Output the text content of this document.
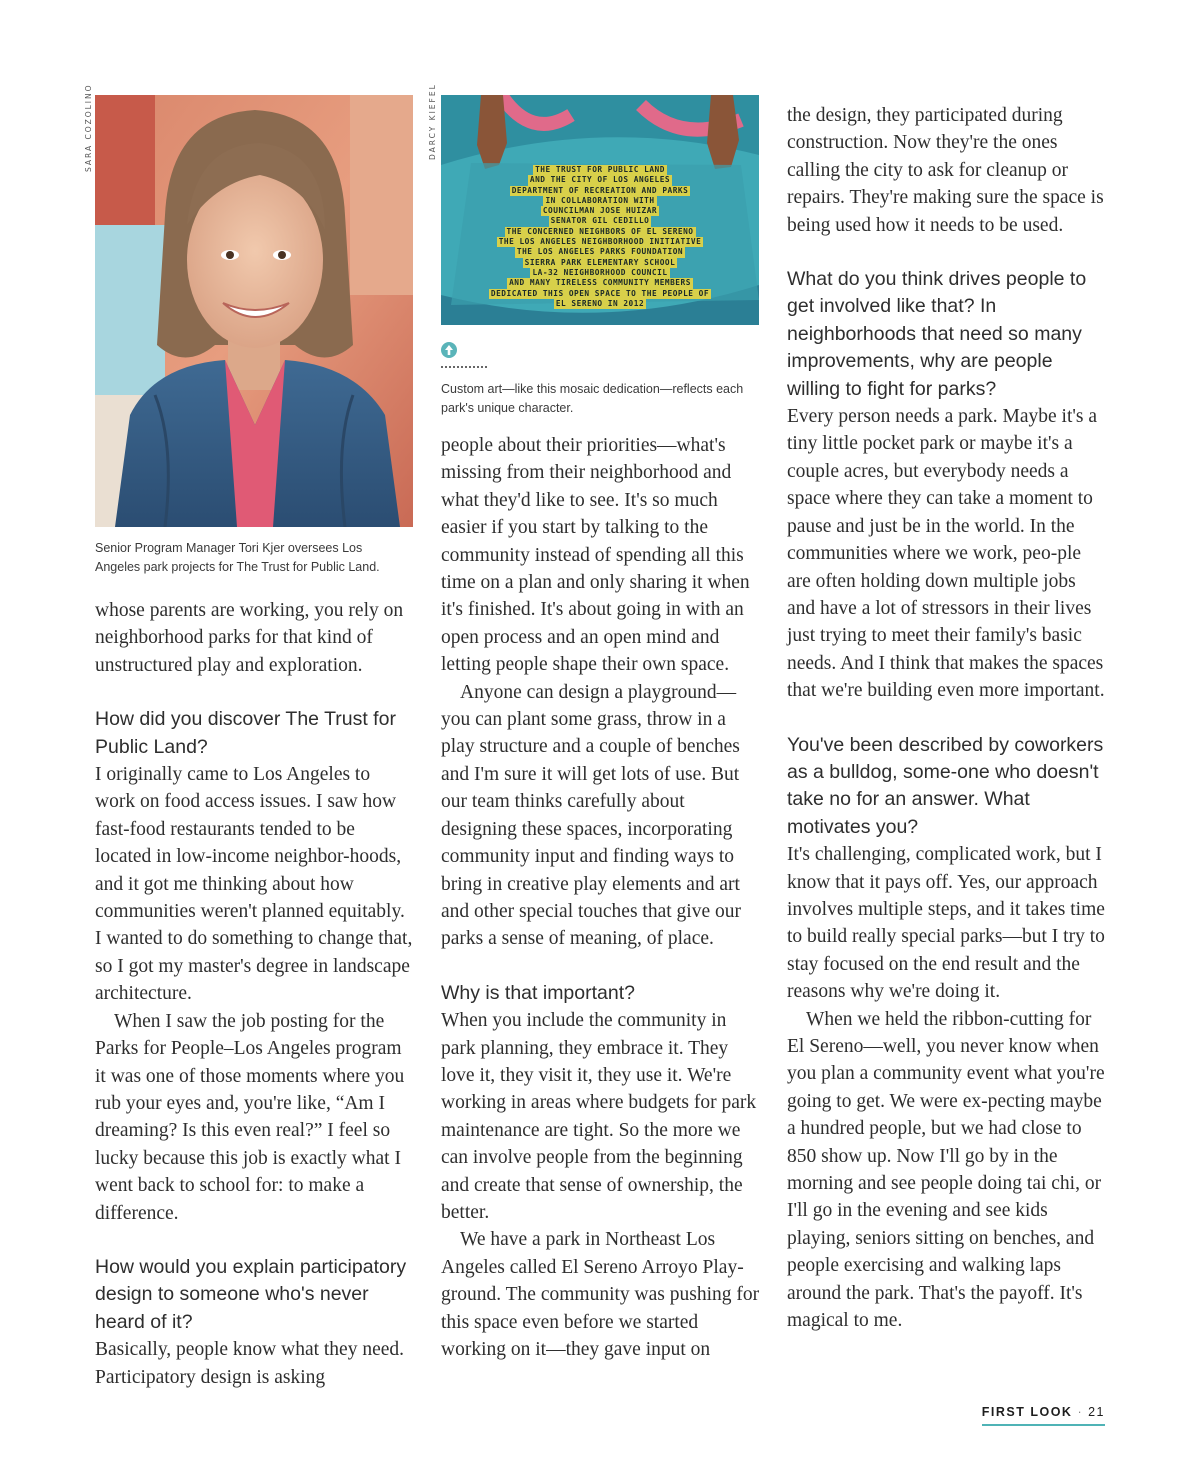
SARA COZOLINO	DARCY KIEFEL
THE TRUST FOR PUBLIC LAND
AND THE CITY OF LOS ANGELES
DEPARTMENT OF RECREATION AND PARKS
IN COLLABORATION WITH
COUNCILMAN JOSE HUIZAR
SENATOR GIL CEDILLO
THE CONCERNED NEIGHBORS OF EL SERENO
THE LOS ANGELES NEIGHBORHOOD INITIATIVE
THE LOS ANGELES PARKS FOUNDATION
SIERRA PARK ELEMENTARY SCHOOL
LA-32 NEIGHBORHOOD COUNCIL
AND MANY TIRELESS COMMUNITY MEMBERS
DEDICATED THIS OPEN SPACE TO THE PEOPLE OF
EL SERENO IN 2012
Senior Program Manager Tori Kjer oversees Los Angeles park projects for The Trust for Public Land.
Custom art—like this mosaic dedication—reflects each park's unique character.

whose parents are working, you rely on neighborhood parks for that kind of unstructured play and exploration.

How did you discover The Trust for Public Land?

I originally came to Los Angeles to work on food access issues. I saw how fast-food restaurants tended to be located in low-income neighbor-hoods, and it got me thinking about how communities weren't planned equitably. I wanted to do something to change that, so I got my master's degree in landscape architecture.

When I saw the job posting for the Parks for People–Los Angeles program it was one of those moments where you rub your eyes and, you're like, “Am I dreaming? Is this even real?” I feel so lucky because this job is exactly what I went back to school for: to make a difference.

How would you explain participatory design to someone who's never heard of it?

Basically, people know what they need. Participatory design is asking

people about their priorities—what's missing from their neighborhood and what they'd like to see. It's so much easier if you start by talking to the community instead of spending all this time on a plan and only sharing it when it's finished. It's about going in with an open process and an open mind and letting people shape their own space.

Anyone can design a playground—you can plant some grass, throw in a play structure and a couple of benches and I'm sure it will get lots of use. But our team thinks carefully about designing these spaces, incorporating community input and finding ways to bring in creative play elements and art and other special touches that give our parks a sense of meaning, of place.

Why is that important?

When you include the community in park planning, they embrace it. They love it, they visit it, they use it. We're working in areas where budgets for park maintenance are tight. So the more we can involve people from the beginning and create that sense of ownership, the better.

We have a park in Northeast Los Angeles called El Sereno Arroyo Play-ground. The community was pushing for this space even before we started working on it—they gave input on

the design, they participated during construction. Now they're the ones calling the city to ask for cleanup or repairs. They're making sure the space is being used how it needs to be used.

What do you think drives people to get involved like that? In neighborhoods that need so many improvements, why are people willing to fight for parks?

Every person needs a park. Maybe it's a tiny little pocket park or maybe it's a couple acres, but everybody needs a space where they can take a moment to pause and just be in the world. In the communities where we work, peo-ple are often holding down multiple jobs and have a lot of stressors in their lives just trying to meet their family's basic needs. And I think that makes the spaces that we're building even more important.

You've been described by coworkers as a bulldog, some-one who doesn't take no for an answer. What motivates you?

It's challenging, complicated work, but I know that it pays off. Yes, our approach involves multiple steps, and it takes time to build really special parks—but I try to stay focused on the end result and the reasons why we're doing it.

When we held the ribbon-cutting for El Sereno—well, you never know when you plan a community event what you're going to get. We were ex-pecting maybe a hundred people, but we had close to 850 show up. Now I'll go by in the morning and see people doing tai chi, or I'll go in the evening and see kids playing, seniors sitting on benches, and people exercising and walking laps around the park. That's the payoff. It's magical to me.

FIRST LOOK · 21
